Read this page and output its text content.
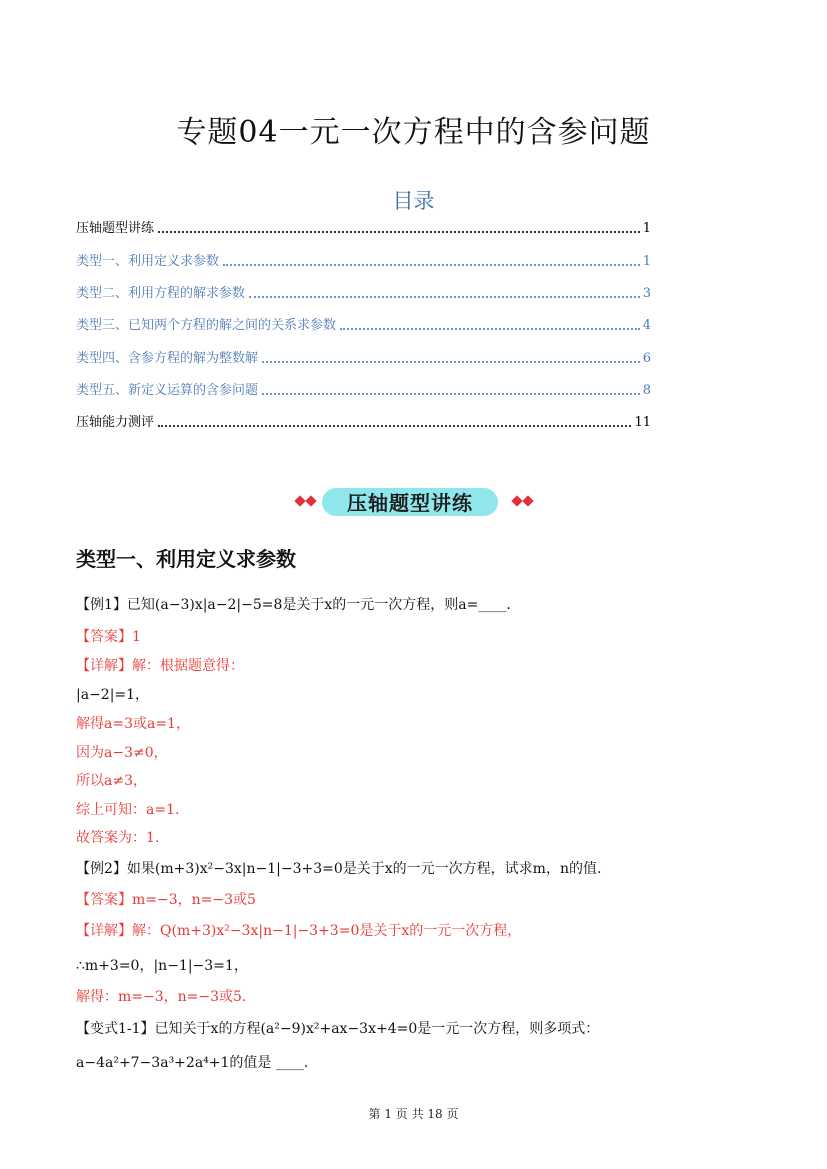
专题04一元一次方程中的含参问题
目录
压轴题型讲练	1
类型一、利用定义求参数	1
类型二、利用方程的解求参数	3
类型三、已知两个方程的解之间的关系求参数	4
类型四、含参方程的解为整数解	6
类型五、新定义运算的含参问题	8
压轴能力测评	11
压轴题型讲练
类型一、利用定义求参数
【例1】已知(a−3)x|a−2|−5=8是关于x的一元一次方程，则a=____.
【答案】1
【详解】解：根据题意得：
|a−2|=1，
解得a=3或a=1，
因为a−3≠0，
所以a≠3，
综上可知：a=1.
故答案为：1.
【例2】如果(m+3)x²−3x|n−1|−3+3=0是关于x的一元一次方程，试求m，n的值.
【答案】m=−3，n=−3或5
【详解】解：Q(m+3)x²−3x|n−1|−3+3=0是关于x的一元一次方程，
∴m+3=0，|n−1|−3=1，
解得：m=−3，n=−3或5.
【变式1-1】已知关于x的方程(a²−9)x²+ax−3x+4=0是一元一次方程，则多项式：
a−4a²+7−3a³+2a⁴+1的值是 ____.
第 1 页 共 18 页
